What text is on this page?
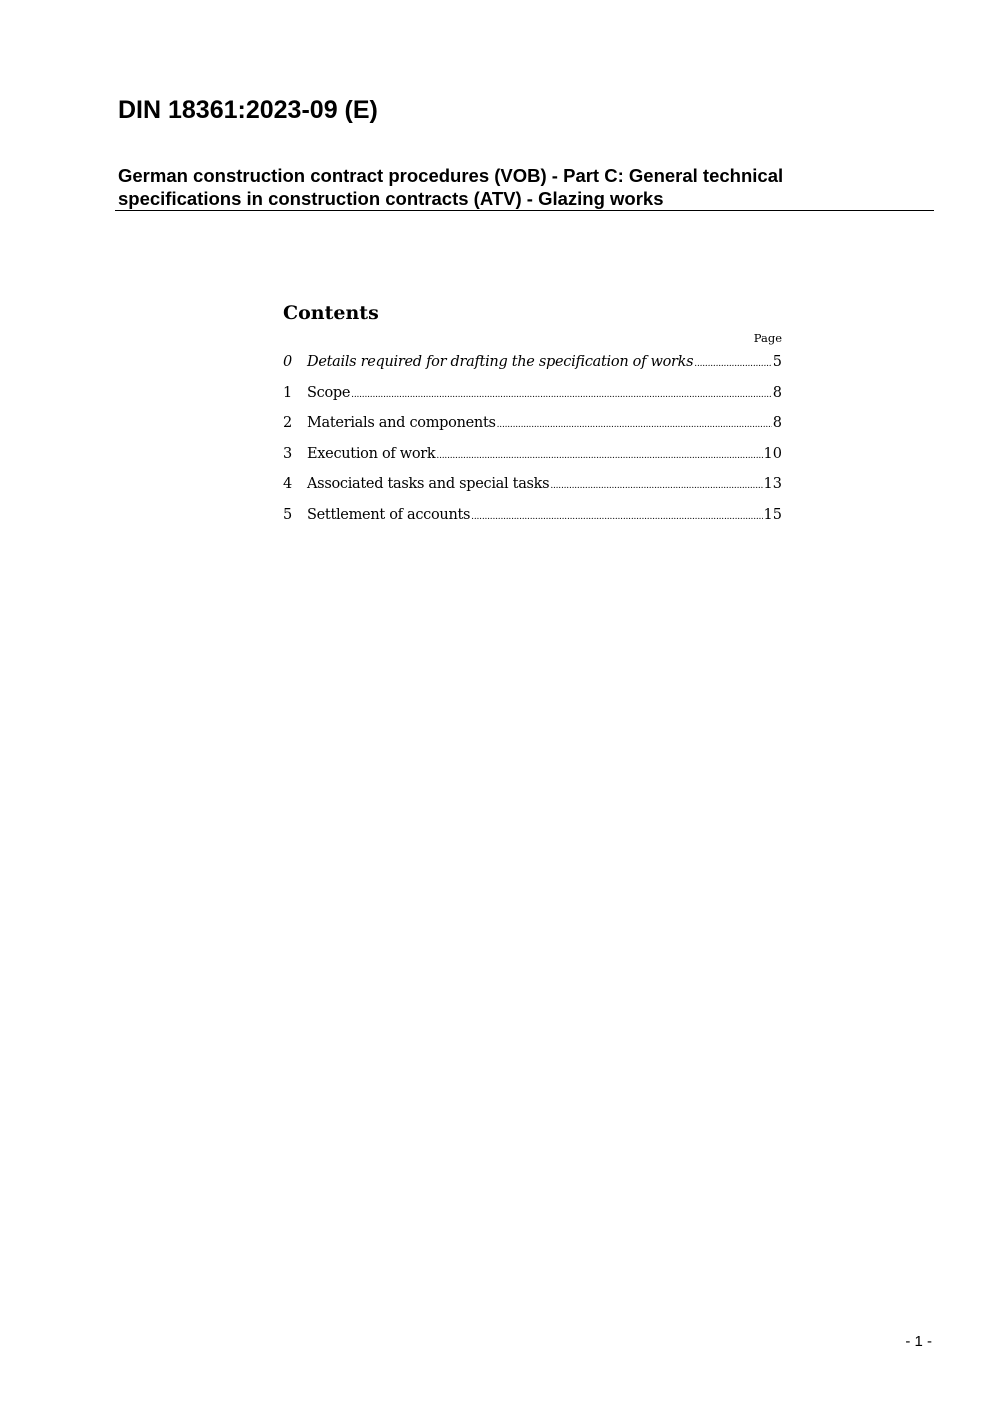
DIN 18361:2023-09 (E)
German construction contract procedures (VOB) - Part C: General technical specifications in construction contracts (ATV) - Glazing works
Contents
Page
0	Details required for drafting the specification of works .....	5
1	Scope .....	8
2	Materials and components .....	8
3	Execution of work .....	10
4	Associated tasks and special tasks .....	13
5	Settlement of accounts .....	15
- 1 -
